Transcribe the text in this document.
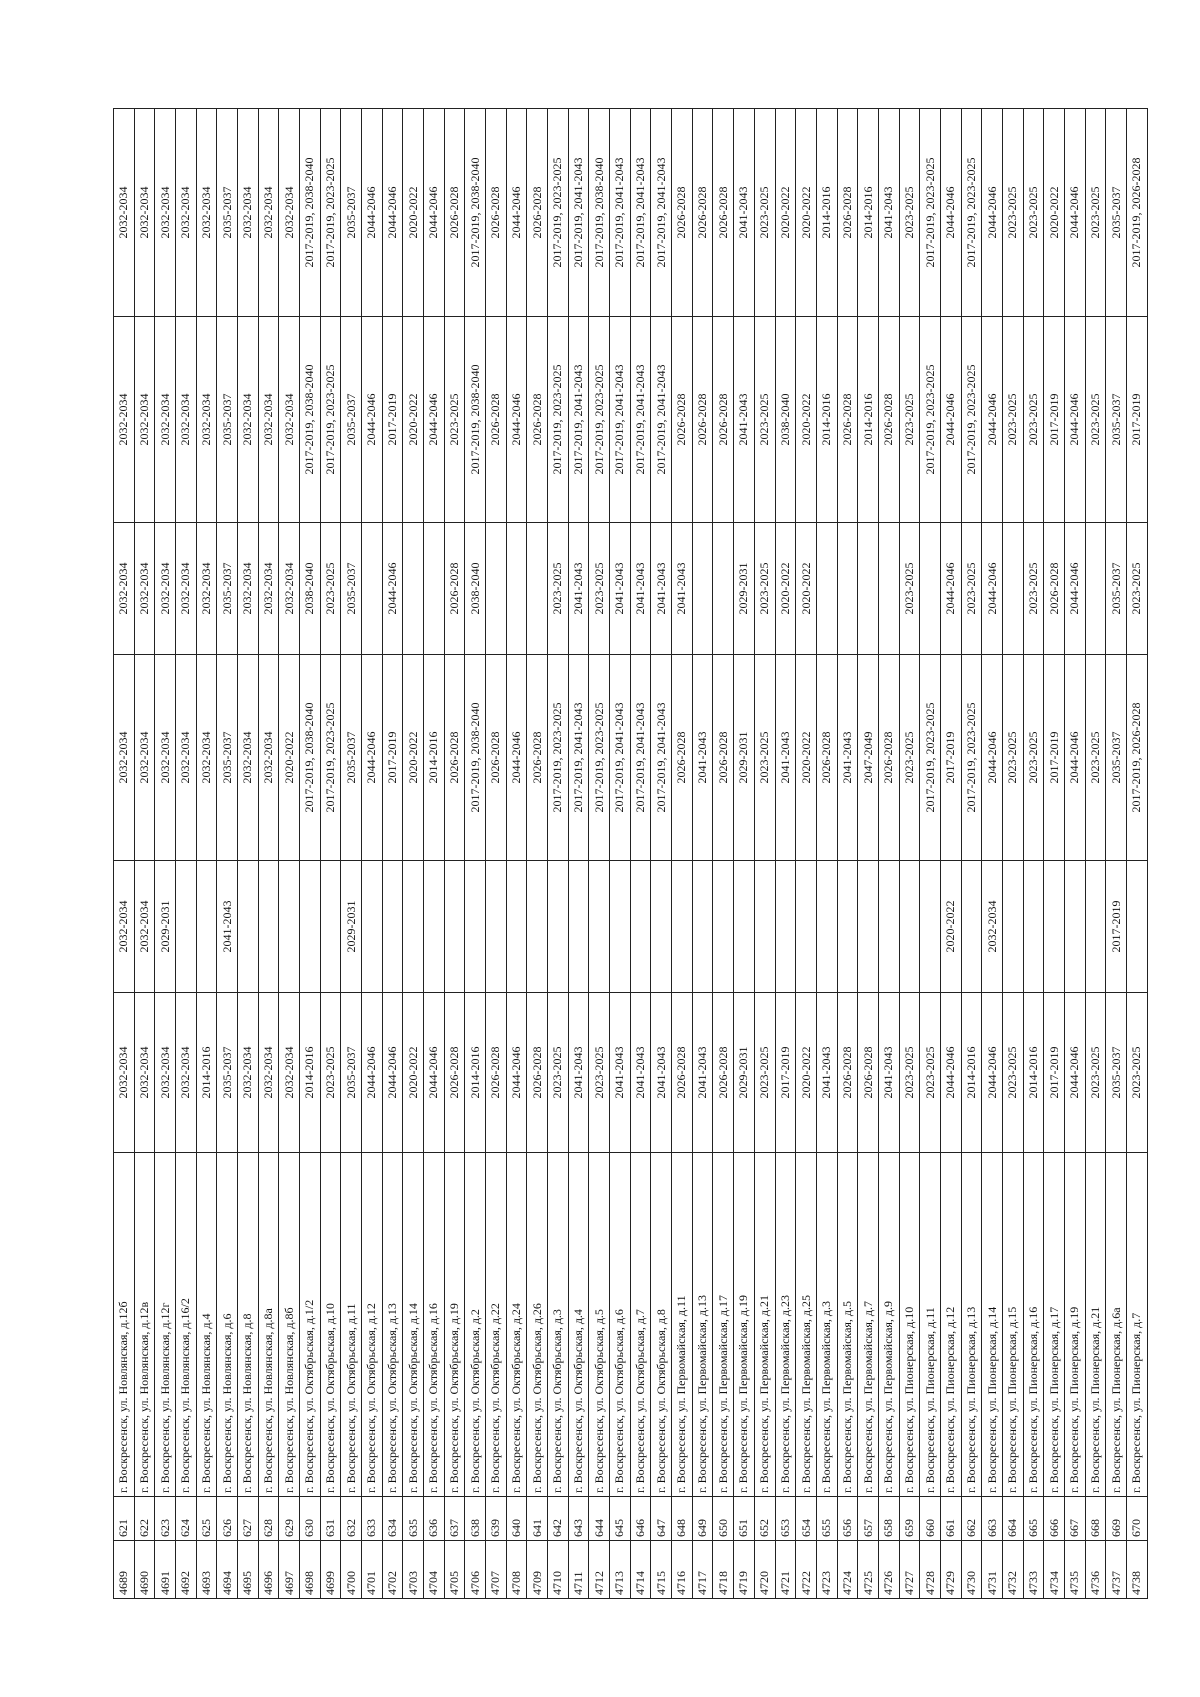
4689	621	г. Воскресенск, ул. Новлянская, д.12б	2032-2034	2032-2034	2032-2034	2032-2034	2032-2034	2032-2034
4690	622	г. Воскресенск, ул. Новлянская, д.12в	2032-2034	2032-2034	2032-2034	2032-2034	2032-2034	2032-2034
4691	623	г. Воскресенск, ул. Новлянская, д.12г	2032-2034	2029-2031	2032-2034	2032-2034	2032-2034	2032-2034
4692	624	г. Воскресенск, ул. Новлянская, д.16/2	2032-2034		2032-2034	2032-2034	2032-2034	2032-2034
4693	625	г. Воскресенск, ул. Новлянская, д.4	2014-2016		2032-2034	2032-2034	2032-2034	2032-2034
4694	626	г. Воскресенск, ул. Новлянская, д.6	2035-2037	2041-2043	2035-2037	2035-2037	2035-2037	2035-2037
4695	627	г. Воскресенск, ул. Новлянская, д.8	2032-2034		2032-2034	2032-2034	2032-2034	2032-2034
4696	628	г. Воскресенск, ул. Новлянская, д.8а	2032-2034		2032-2034	2032-2034	2032-2034	2032-2034
4697	629	г. Воскресенск, ул. Новлянская, д.8б	2032-2034		2020-2022	2032-2034	2032-2034	2032-2034
4698	630	г. Воскресенск, ул. Октябрьская, д.1/2	2014-2016		2017-2019, 2038-2040	2038-2040	2017-2019, 2038-2040	2017-2019, 2038-2040
4699	631	г. Воскресенск, ул. Октябрьская, д.10	2023-2025		2017-2019, 2023-2025	2023-2025	2017-2019, 2023-2025	2017-2019, 2023-2025
4700	632	г. Воскресенск, ул. Октябрьская, д.11	2035-2037	2029-2031	2035-2037	2035-2037	2035-2037	2035-2037
4701	633	г. Воскресенск, ул. Октябрьская, д.12	2044-2046		2044-2046		2044-2046	2044-2046
4702	634	г. Воскресенск, ул. Октябрьская, д.13	2044-2046		2017-2019	2044-2046	2017-2019	2044-2046
4703	635	г. Воскресенск, ул. Октябрьская, д.14	2020-2022		2020-2022		2020-2022	2020-2022
4704	636	г. Воскресенск, ул. Октябрьская, д.16	2044-2046		2014-2016		2044-2046	2044-2046
4705	637	г. Воскресенск, ул. Октябрьская, д.19	2026-2028		2026-2028	2026-2028	2023-2025	2026-2028
4706	638	г. Воскресенск, ул. Октябрьская, д.2	2014-2016		2017-2019, 2038-2040	2038-2040	2017-2019, 2038-2040	2017-2019, 2038-2040
4707	639	г. Воскресенск, ул. Октябрьская, д.22	2026-2028		2026-2028		2026-2028	2026-2028
4708	640	г. Воскресенск, ул. Октябрьская, д.24	2044-2046		2044-2046		2044-2046	2044-2046
4709	641	г. Воскресенск, ул. Октябрьская, д.26	2026-2028		2026-2028		2026-2028	2026-2028
4710	642	г. Воскресенск, ул. Октябрьская, д.3	2023-2025		2017-2019, 2023-2025	2023-2025	2017-2019, 2023-2025	2017-2019, 2023-2025
4711	643	г. Воскресенск, ул. Октябрьская, д.4	2041-2043		2017-2019, 2041-2043	2041-2043	2017-2019, 2041-2043	2017-2019, 2041-2043
4712	644	г. Воскресенск, ул. Октябрьская, д.5	2023-2025		2017-2019, 2023-2025	2023-2025	2017-2019, 2023-2025	2017-2019, 2038-2040
4713	645	г. Воскресенск, ул. Октябрьская, д.6	2041-2043		2017-2019, 2041-2043	2041-2043	2017-2019, 2041-2043	2017-2019, 2041-2043
4714	646	г. Воскресенск, ул. Октябрьская, д.7	2041-2043		2017-2019, 2041-2043	2041-2043	2017-2019, 2041-2043	2017-2019, 2041-2043
4715	647	г. Воскресенск, ул. Октябрьская, д.8	2041-2043		2017-2019, 2041-2043	2041-2043	2017-2019, 2041-2043	2017-2019, 2041-2043
4716	648	г. Воскресенск, ул. Первомайская, д.11	2026-2028		2026-2028	2041-2043	2026-2028	2026-2028
4717	649	г. Воскресенск, ул. Первомайская, д.13	2041-2043		2041-2043		2026-2028	2026-2028
4718	650	г. Воскресенск, ул. Первомайская, д.17	2026-2028		2026-2028		2026-2028	2026-2028
4719	651	г. Воскресенск, ул. Первомайская, д.19	2029-2031		2029-2031	2029-2031	2041-2043	2041-2043
4720	652	г. Воскресенск, ул. Первомайская, д.21	2023-2025		2023-2025	2023-2025	2023-2025	2023-2025
4721	653	г. Воскресенск, ул. Первомайская, д.23	2017-2019		2041-2043	2020-2022	2038-2040	2020-2022
4722	654	г. Воскресенск, ул. Первомайская, д.25	2020-2022		2020-2022	2020-2022	2020-2022	2020-2022
4723	655	г. Воскресенск, ул. Первомайская, д.3	2041-2043		2026-2028		2014-2016	2014-2016
4724	656	г. Воскресенск, ул. Первомайская, д.5	2026-2028		2041-2043		2026-2028	2026-2028
4725	657	г. Воскресенск, ул. Первомайская, д.7	2026-2028		2047-2049		2014-2016	2014-2016
4726	658	г. Воскресенск, ул. Первомайская, д.9	2041-2043		2026-2028		2026-2028	2041-2043
4727	659	г. Воскресенск, ул. Пионерская, д.10	2023-2025		2023-2025	2023-2025	2023-2025	2023-2025
4728	660	г. Воскресенск, ул. Пионерская, д.11	2023-2025		2017-2019, 2023-2025		2017-2019, 2023-2025	2017-2019, 2023-2025
4729	661	г. Воскресенск, ул. Пионерская, д.12	2044-2046	2020-2022	2017-2019	2044-2046	2044-2046	2044-2046
4730	662	г. Воскресенск, ул. Пионерская, д.13	2014-2016		2017-2019, 2023-2025	2023-2025	2017-2019, 2023-2025	2017-2019, 2023-2025
4731	663	г. Воскресенск, ул. Пионерская, д.14	2044-2046	2032-2034	2044-2046	2044-2046	2044-2046	2044-2046
4732	664	г. Воскресенск, ул. Пионерская, д.15	2023-2025		2023-2025		2023-2025	2023-2025
4733	665	г. Воскресенск, ул. Пионерская, д.16	2014-2016		2023-2025	2023-2025	2023-2025	2023-2025
4734	666	г. Воскресенск, ул. Пионерская, д.17	2017-2019		2017-2019	2026-2028	2017-2019	2020-2022
4735	667	г. Воскресенск, ул. Пионерская, д.19	2044-2046		2044-2046	2044-2046	2044-2046	2044-2046
4736	668	г. Воскресенск, ул. Пионерская, д.21	2023-2025		2023-2025		2023-2025	2023-2025
4737	669	г. Воскресенск, ул. Пионерская, д.6а	2035-2037	2017-2019	2035-2037	2035-2037	2035-2037	2035-2037
4738	670	г. Воскресенск, ул. Пионерская, д.7	2023-2025		2017-2019, 2026-2028	2023-2025	2017-2019	2017-2019, 2026-2028
